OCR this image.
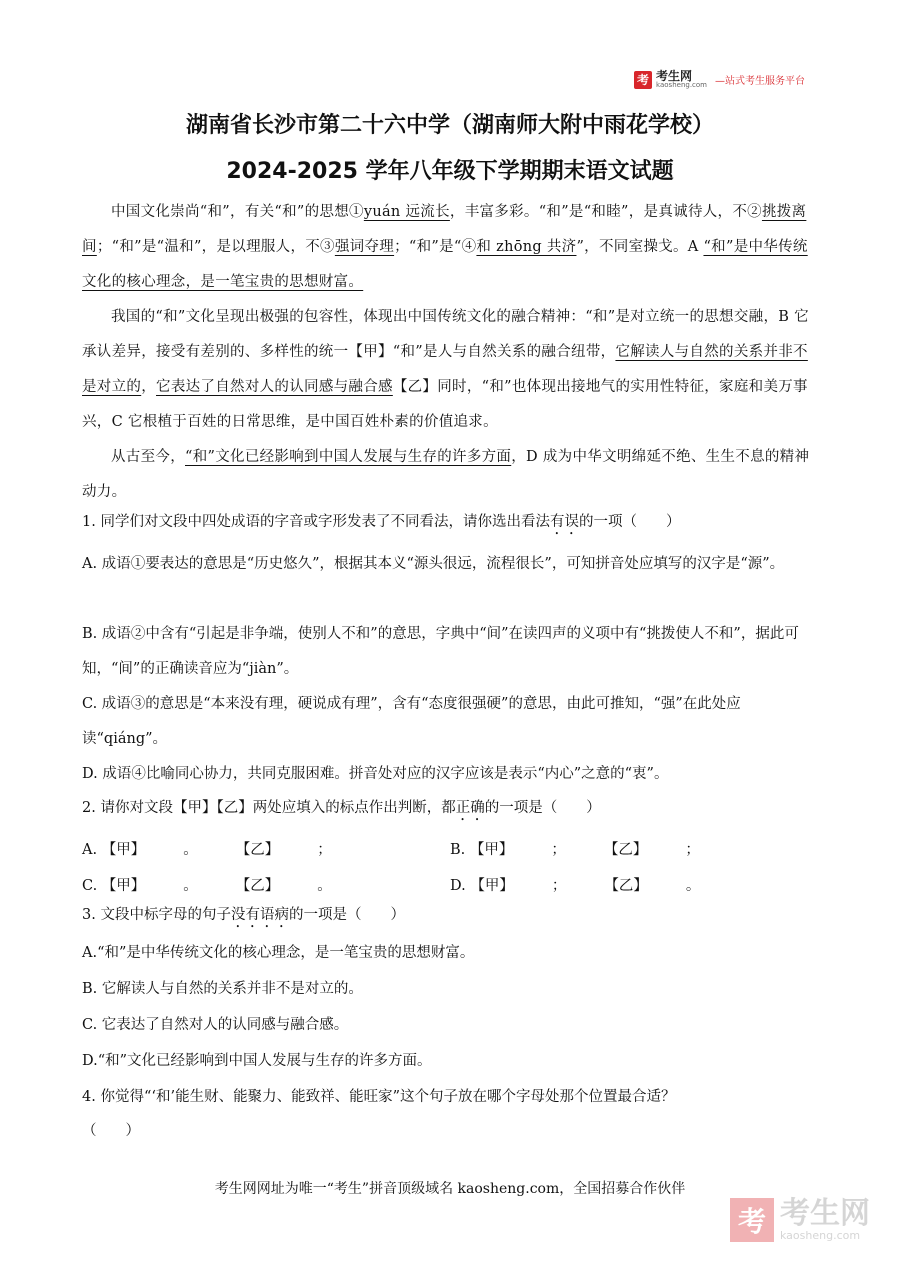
考 考生网
kaosheng.com —站式考生服务平台
湖南省长沙市第二十六中学（湖南师大附中雨花学校）
2024-2025 学年八年级下学期期末语文试题
中国文化崇尚“和”，有关“和”的思想①yuán 远流长，丰富多彩。“和”是“和睦”，是真诚待人，不②挑拨离间；“和”是“温和”，是以理服人，不③强词夺理；“和”是“④和 zhōng 共济”，不同室操戈。A “和”是中华传统文化的核心理念，是一笔宝贵的思想财富。
我国的“和”文化呈现出极强的包容性，体现出中国传统文化的融合精神：“和”是对立统一的思想交融，B 它承认差异，接受有差别的、多样性的统一【甲】“和”是人与自然关系的融合纽带，它解读人与自然的关系并非不是对立的，它表达了自然对人的认同感与融合感【乙】同时，“和”也体现出接地气的实用性特征，家庭和美万事兴，C 它根植于百姓的日常思维，是中国百姓朴素的价值追求。
从古至今，“和”文化已经影响到中国人发展与生存的许多方面，D 成为中华文明绵延不绝、生生不息的精神动力。
1. 同学们对文段中四处成语的字音或字形发表了不同看法，请你选出看法有误的一项（　　）
A. 成语①要表达的意思是“历史悠久”，根据其本义“源头很远，流程很长”，可知拼音处应填写的汉字是“源”。
B. 成语②中含有“引起是非争端，使别人不和”的意思，字典中“间”在读四声的义项中有“挑拨使人不和”，据此可知，“间”的正确读音应为“jiàn”。
C. 成语③的意思是“本来没有理，硬说成有理”，含有“态度很强硬”的意思，由此可推知，“强”在此处应读“qiáng”。
D. 成语④比喻同心协力，共同克服困难。拼音处对应的汉字应该是表示“内心”之意的“衷”。
2. 请你对文段【甲】【乙】两处应填入的标点作出判断，都正确的一项是（　　）
A. 【甲】	。	【乙】	；	B. 【甲】	；	【乙】	；
C. 【甲】	。	【乙】	。	D. 【甲】	；	【乙】	。
3. 文段中标字母的句子没有语病的一项是（　　）
A.“和”是中华传统文化的核心理念，是一笔宝贵的思想财富。
B. 它解读人与自然的关系并非不是对立的。
C. 它表达了自然对人的认同感与融合感。
D.“和”文化已经影响到中国人发展与生存的许多方面。
4. 你觉得“‘和’能生财、能聚力、能致祥、能旺家”这个句子放在哪个字母处那个位置最合适？
（　　）
考生网网址为唯一“考生”拼音顶级域名 kaosheng.com，全国招募合作伙伴
考 考生网
kaosheng.com
